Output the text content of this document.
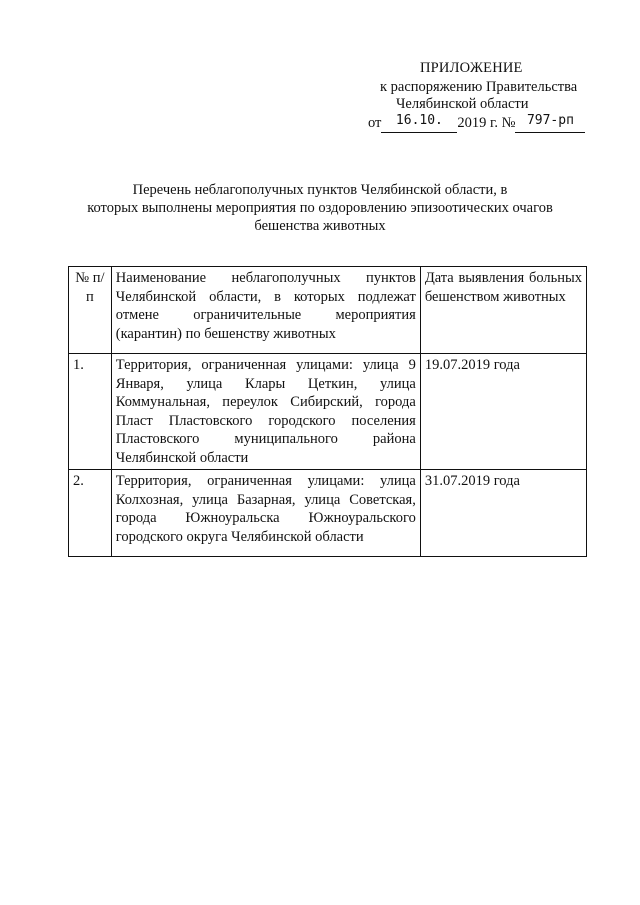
ПРИЛОЖЕНИЕ
к распоряжению Правительства
Челябинской области
от 16.10. 2019 г. № 797-рп
Перечень неблагополучных пунктов Челябинской области, в
которых выполнены мероприятия по оздоровлению эпизоотических очагов
бешенства животных
№ п/п	Наименование неблагополучных пунктов Челябинской области, в которых подлежат отмене ограничительные мероприятия (карантин) по бешенству животных	Дата выявления больных бешенством животных
1.	Территория, ограниченная улицами: улица 9 Января, улица Клары Цеткин, улица Коммунальная, переулок Сибирский, города Пласт Пластовского городского поселения Пластовского муниципального района Челябинской области	19.07.2019 года
2.	Территория, ограниченная улицами: улица Колхозная, улица Базарная, улица Советская, города Южноуральска Южноуральского городского округа Челябинской области	31.07.2019 года
